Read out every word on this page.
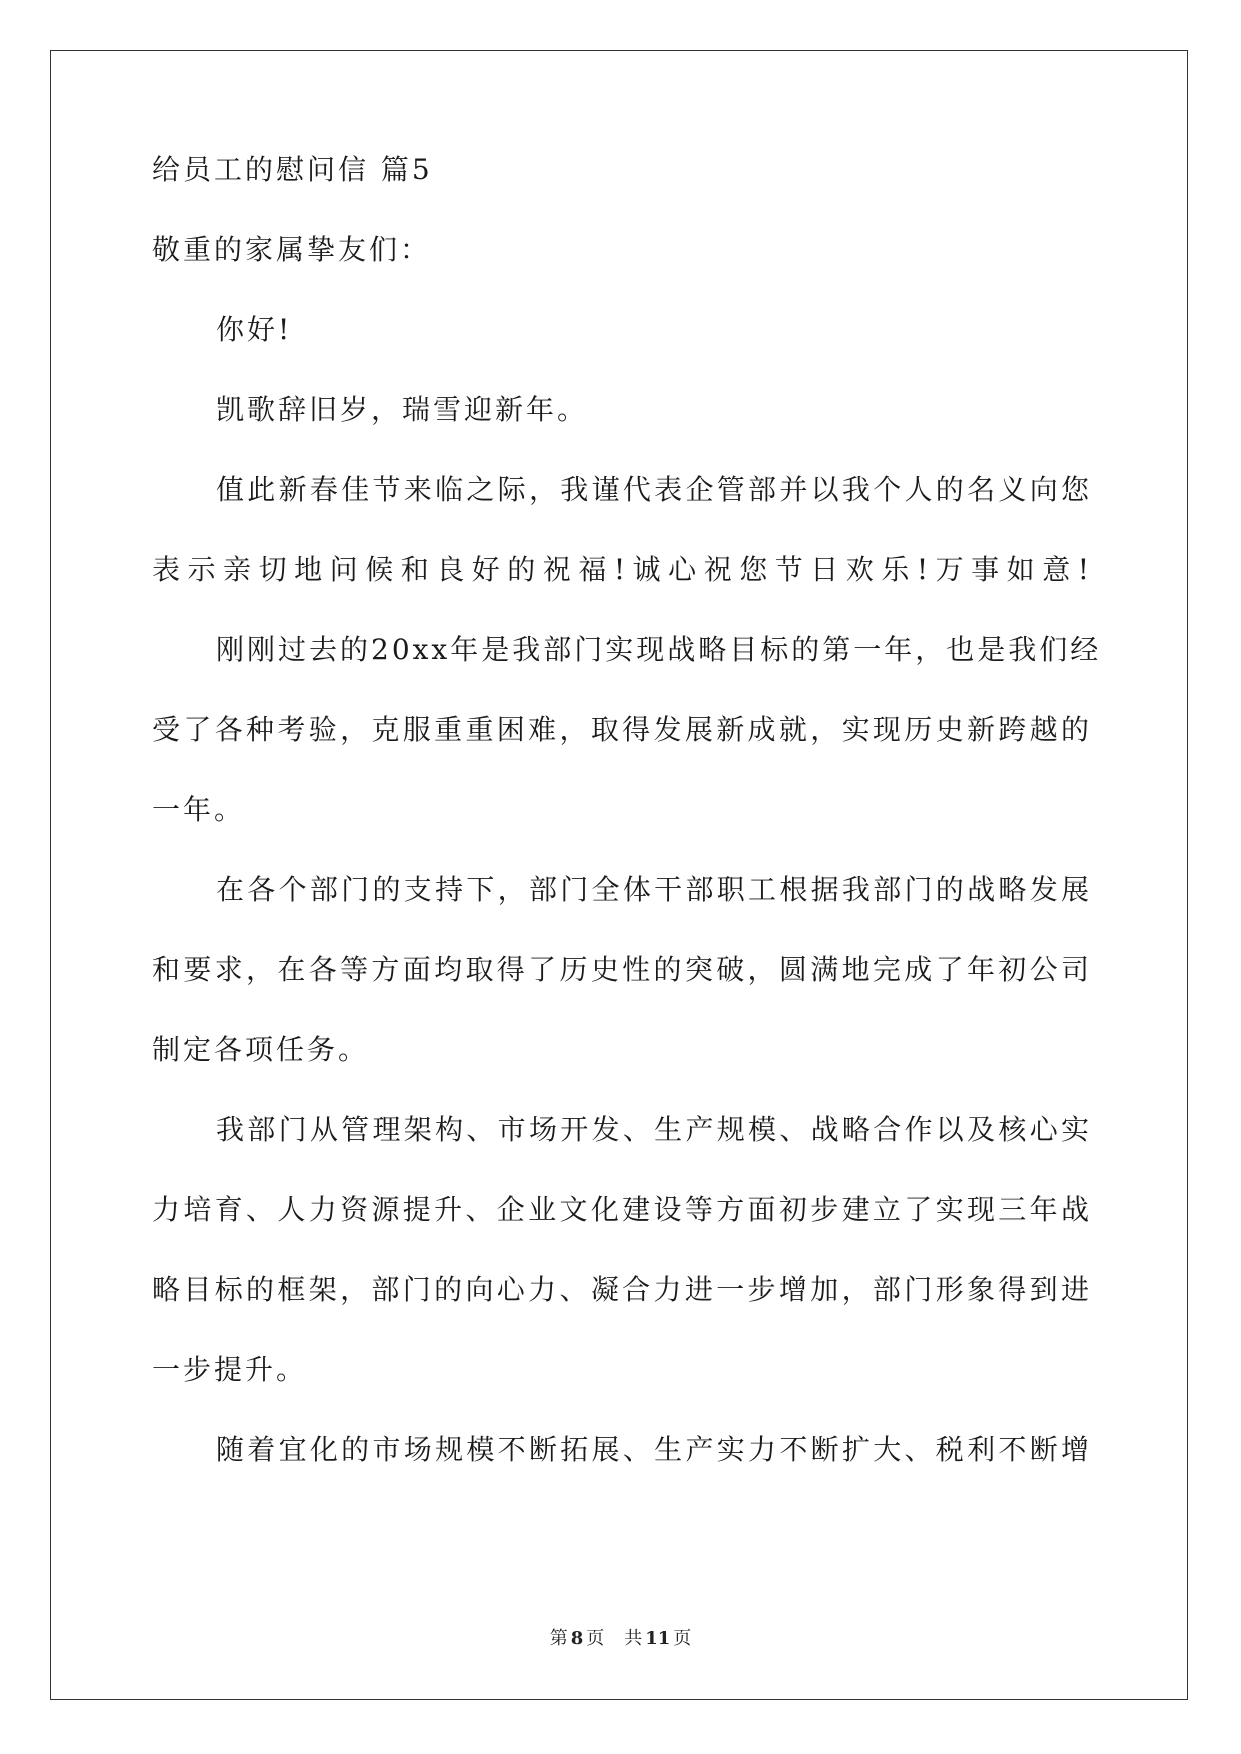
给员工的慰问信 篇5
敬重的家属挚友们：
你好!
凯歌辞旧岁，瑞雪迎新年。
值此新春佳节来临之际，我谨代表企管部并以我个人的名义向您
表示亲切地问候和良好的祝福!诚心祝您节日欢乐!万事如意!
刚刚过去的20xx年是我部门实现战略目标的第一年，也是我们经
受了各种考验，克服重重困难，取得发展新成就，实现历史新跨越的
一年。
在各个部门的支持下，部门全体干部职工根据我部门的战略发展
和要求，在各等方面均取得了历史性的突破，圆满地完成了年初公司
制定各项任务。
我部门从管理架构、市场开发、生产规模、战略合作以及核心实
力培育、人力资源提升、企业文化建设等方面初步建立了实现三年战
略目标的框架，部门的向心力、凝合力进一步增加，部门形象得到进
一步提升。
随着宜化的市场规模不断拓展、生产实力不断扩大、税利不断增
第 8 页 共 11 页
